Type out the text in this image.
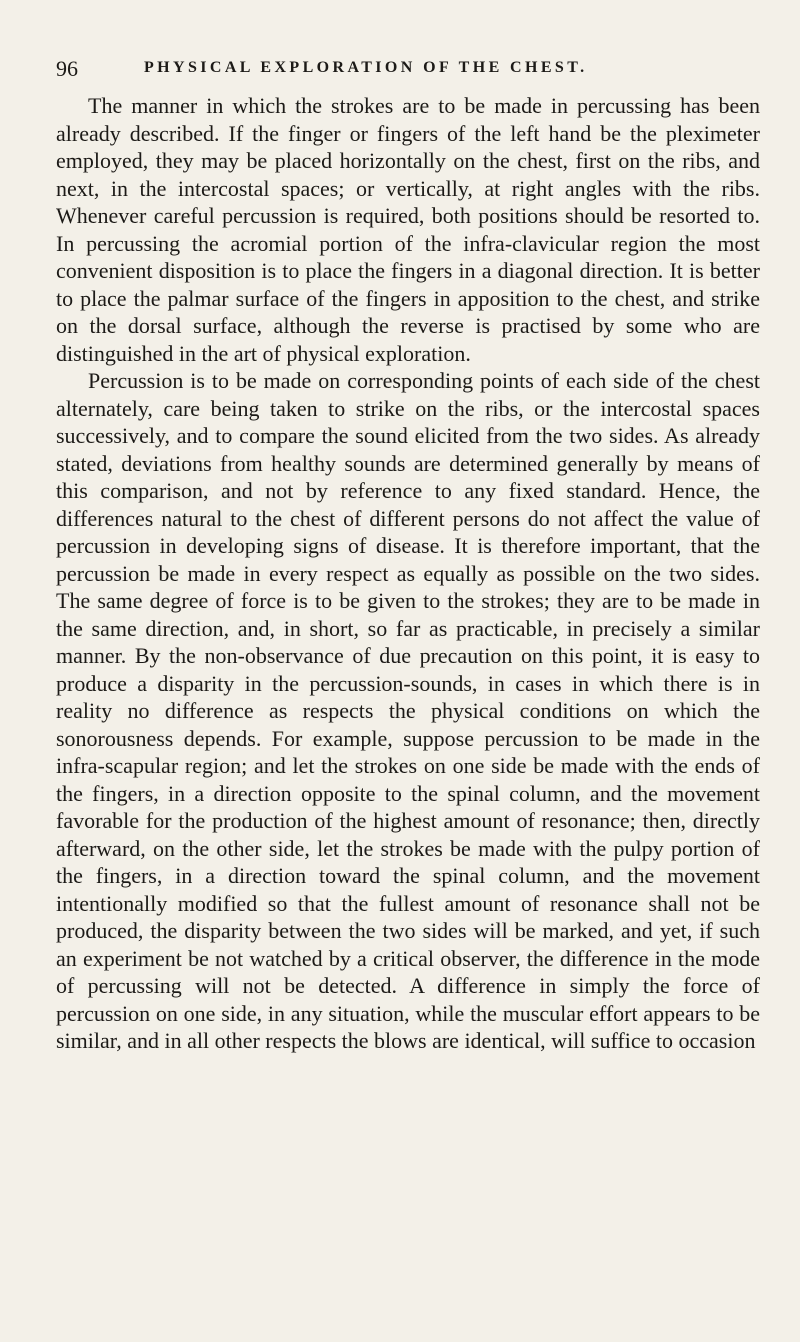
96	PHYSICAL EXPLORATION OF THE CHEST.

The manner in which the strokes are to be made in percussing has been already described. If the finger or fingers of the left hand be the pleximeter employed, they may be placed horizontally on the chest, first on the ribs, and next, in the intercostal spaces; or vertically, at right angles with the ribs. Whenever careful percussion is required, both positions should be resorted to. In percussing the acromial portion of the infra-clavicular region the most convenient disposition is to place the fingers in a diagonal direction. It is better to place the palmar surface of the fingers in apposition to the chest, and strike on the dorsal surface, although the reverse is practised by some who are distinguished in the art of physical exploration.

Percussion is to be made on corresponding points of each side of the chest alternately, care being taken to strike on the ribs, or the intercostal spaces successively, and to compare the sound elicited from the two sides. As already stated, deviations from healthy sounds are determined generally by means of this comparison, and not by reference to any fixed standard. Hence, the differences natural to the chest of different persons do not affect the value of percussion in developing signs of disease. It is therefore important, that the percussion be made in every respect as equally as possible on the two sides. The same degree of force is to be given to the strokes; they are to be made in the same direction, and, in short, so far as practicable, in precisely a similar manner. By the non-observance of due precaution on this point, it is easy to produce a disparity in the percussion-sounds, in cases in which there is in reality no difference as respects the physical conditions on which the sonorousness depends. For example, suppose percussion to be made in the infra-scapular region; and let the strokes on one side be made with the ends of the fingers, in a direction opposite to the spinal column, and the movement favorable for the production of the highest amount of resonance; then, directly afterward, on the other side, let the strokes be made with the pulpy portion of the fingers, in a direction toward the spinal column, and the movement intentionally modified so that the fullest amount of resonance shall not be produced, the disparity between the two sides will be marked, and yet, if such an experiment be not watched by a critical observer, the difference in the mode of percussing will not be detected. A difference in simply the force of percussion on one side, in any situation, while the muscular effort appears to be similar, and in all other respects the blows are identical, will suffice to occasion
